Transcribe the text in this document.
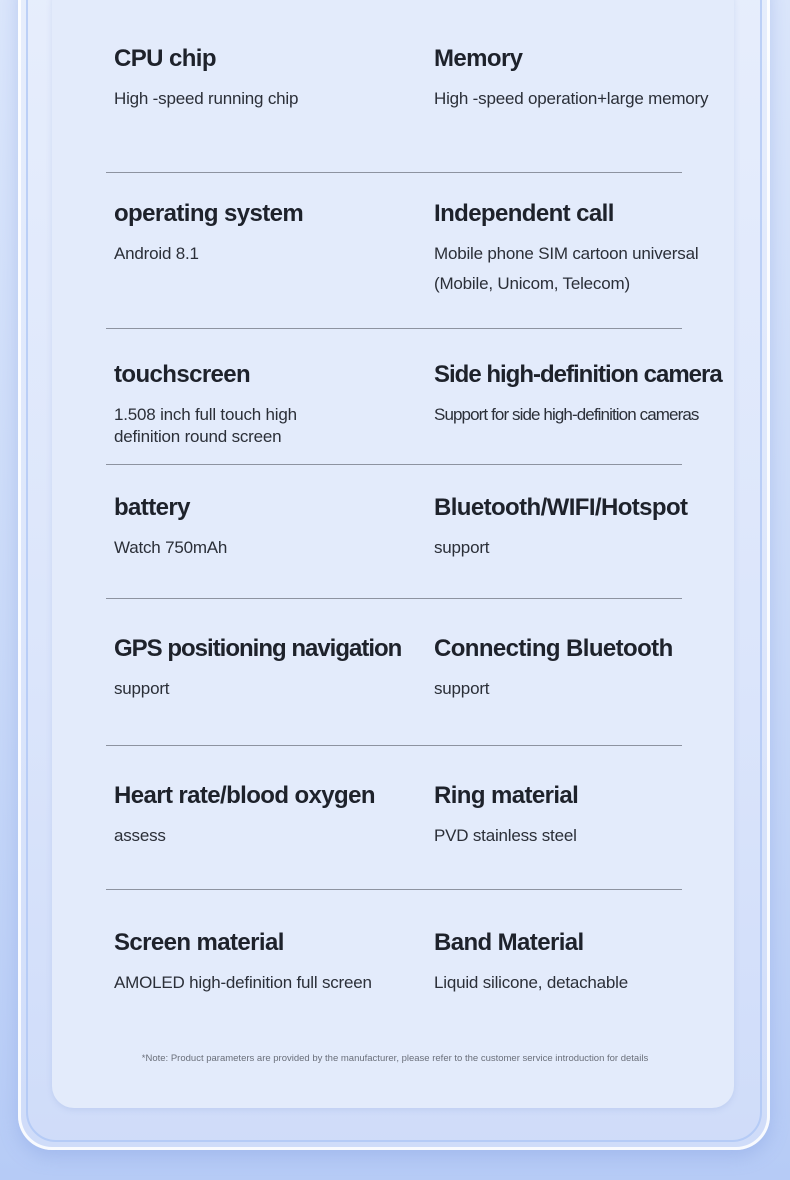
CPU chip
High -speed running chip
Memory
High -speed operation+large memory
operating system
Android 8.1
Independent call
Mobile phone SIM cartoon universal (Mobile, Unicom, Telecom)
touchscreen
1.508 inch full touch high definition round screen
Side high-definition camera
Support for side high-definition cameras
battery
Watch 750mAh
Bluetooth/WIFI/Hotspot
support
GPS positioning navigation
support
Connecting Bluetooth
support
Heart rate/blood oxygen
assess
Ring material
PVD stainless steel
Screen material
AMOLED high-definition full screen
Band Material
Liquid silicone, detachable
*Note: Product parameters are provided by the manufacturer, please refer to the customer service introduction for details
